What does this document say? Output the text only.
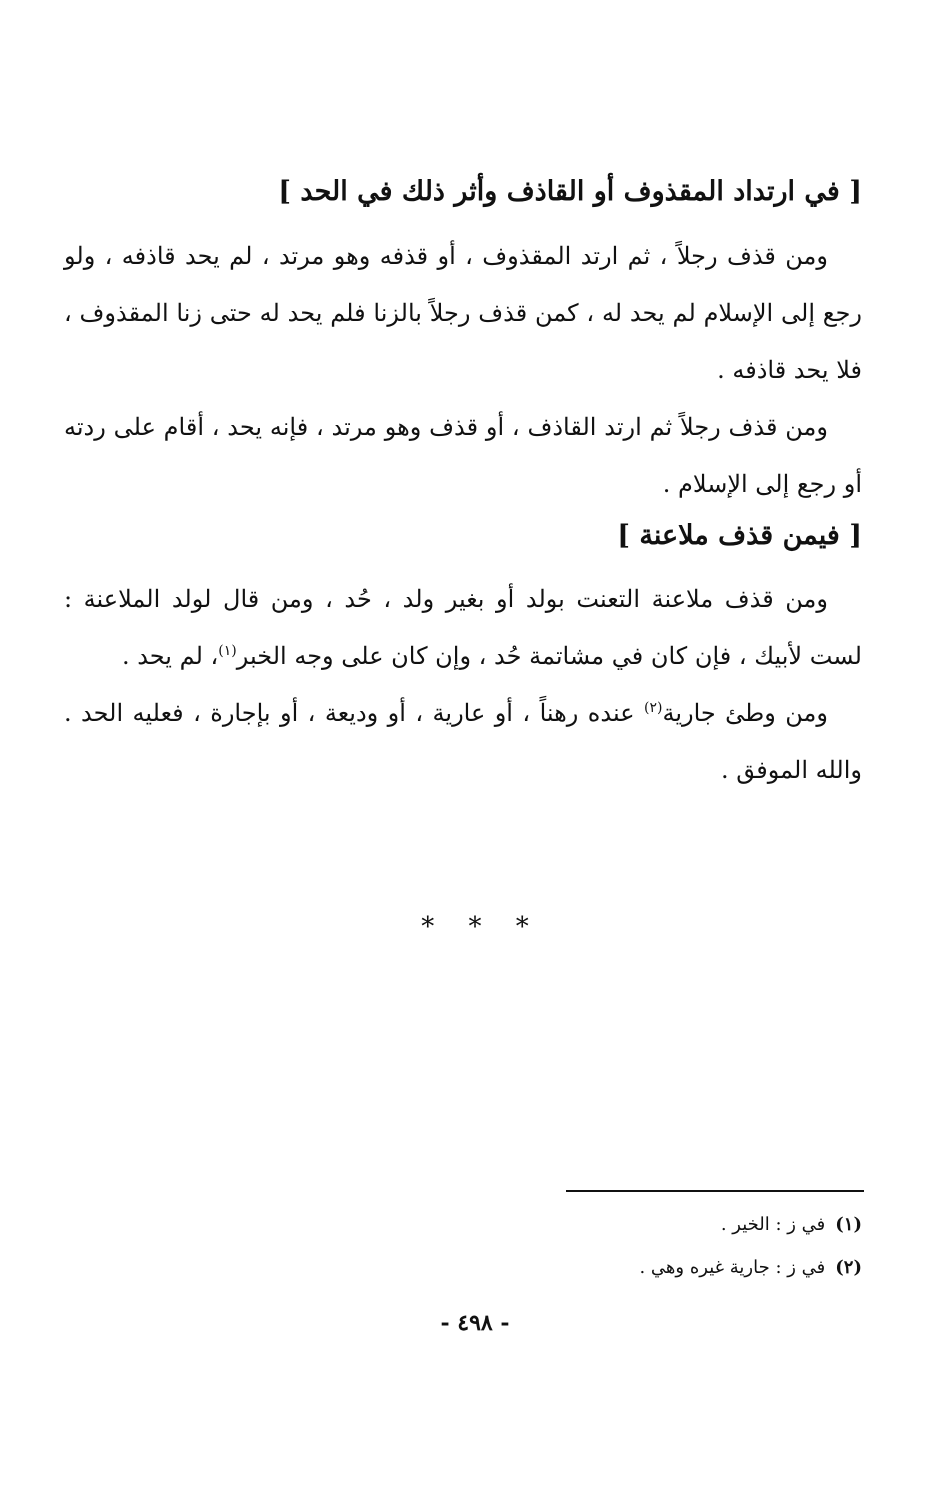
[ في ارتداد المقذوف أو القاذف وأثر ذلك في الحد ]
ومن قذف رجلاً ، ثم ارتد المقذوف ، أو قذفه وهو مرتد ، لم يحد قاذفه ، ولو رجع إلى الإسلام لم يحد له ، كمن قذف رجلاً بالزنا فلم يحد له حتى زنا المقذوف ، فلا يحد قاذفه .
ومن قذف رجلاً ثم ارتد القاذف ، أو قذف وهو مرتد ، فإنه يحد ، أقام على ردته أو رجع إلى الإسلام .
[ فيمن قذف ملاعنة ]
ومن قذف ملاعنة التعنت بولد أو بغير ولد ، حُد ، ومن قال لولد الملاعنة : لست لأبيك ، فإن كان في مشاتمة حُد ، وإن كان على وجه الخبر$^{(١)}$، لم يحد .
ومن وطئ جارية$^{(٢)}$ عنده رهناً ، أو عارية ، أو وديعة ، أو بإجارة ، فعليه الحد . والله الموفق .
* * *
(١)في ز : الخير .
(٢)في ز : جارية غيره وهي .
- ٤٩٨ -
